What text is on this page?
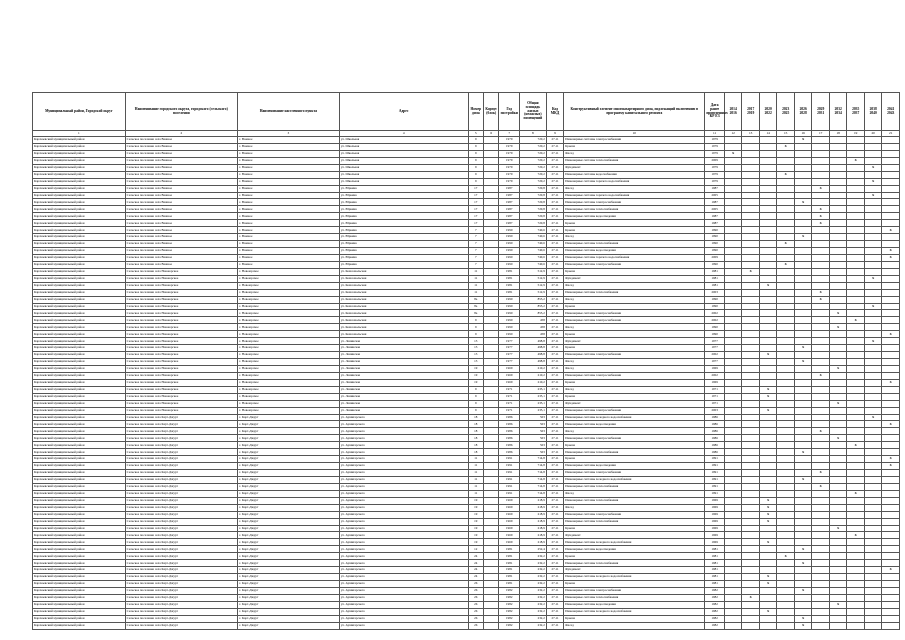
Муниципальный район, Городской округ	Наименование городского округа, городского (сельского) поселения	Наименование населенного пункта	Адрес	Номер дома	Корпус (блок)	Год постройки	Общая площадь жилых (нежилых) помещений	Код МКД	Конструктивный элемент многоквартирного дома, подлежащий включению в программу капитального ремонта	Дата ранее проведенных КР ЕЗ	2014 2016	2017 2019	2020 2022	2023 2025	2026 2028	2029 2031	2032 2034	2035 2037	2038 2040	2041 2043
1	2	3	4	5	6	7	8	9	10	11	12	13	14	15	16	17	18	19	20	21
Карачаевский муниципальный район	Сельское поселение села Важное	с. Важное	ул. Школьная	9		1979	720,2	27.11	Инженерные системы электроснабжения	1979					X					
Карачаевский муниципальный район	Сельское поселение села Важное	с. Важное	ул. Школьная	9		1979	720,2	27.11	Крыша	1979				X						
Карачаевский муниципальный район	Сельское поселение села Важное	с. Важное	ул. Школьная	9		1979	720,2	27.11	Фасад	1979	X									
Карачаевский муниципальный район	Сельское поселение села Важное	с. Важное	ул. Школьная	9		1979	720,2	27.11	Инженерные системы теплоснабжения	2009								X		
Карачаевский муниципальный район	Сельское поселение села Важное	с. Важное	ул. Школьная	9		1979	720,2	27.11	Фундамент	1979									X	
Карачаевский муниципальный район	Сельское поселение села Важное	с. Важное	ул. Школьная	9		1979	720,2	27.11	Инженерные системы водоснабжения	1979				X						
Карачаевский муниципальный район	Сельское поселение села Важное	с. Важное	ул. Школьная	9		1979	720,2	27.11	Инженерные системы горячего водоснабжения	1979									X	
Карачаевский муниципальный район	Сельское поселение села Важное	с. Важное	ул. Юркина	17		1987	720,8	27.11	Фасад	1987						X				
Карачаевский муниципальный район	Сельское поселение села Важное	с. Важное	ул. Юркина	17		1987	720,8	27.11	Инженерные системы горячего водоснабжения	2005									X	
Карачаевский муниципальный район	Сельское поселение села Важное	с. Важное	ул. Юркина	17		1987	720,8	27.11	Инженерные системы электроснабжения	1987					X					
Карачаевский муниципальный район	Сельское поселение села Важное	с. Важное	ул. Юркина	17		1987	720,8	27.11	Инженерные системы теплоснабжения	2005						X				
Карачаевский муниципальный район	Сельское поселение села Важное	с. Важное	ул. Юркина	17		1987	720,8	27.11	Инженерные системы водоотведения	1987						X				
Карачаевский муниципальный район	Сельское поселение села Важное	с. Важное	ул. Юркина	17		1987	720,8	27.11	Крыша	1987						X				
Карачаевский муниципальный район	Сельское поселение села Важное	с. Важное	ул. Юркина	7		1990	740,6	27.11	Крыша	1990										X
Карачаевский муниципальный район	Сельское поселение села Важное	с. Важное	ул. Юркина	7		1990	740,6	27.11	Фасад	1990					X					
Карачаевский муниципальный район	Сельское поселение села Важное	с. Важное	ул. Юркина	7		1990	740,6	27.11	Инженерные системы теплоснабжения	1990				X						
Карачаевский муниципальный район	Сельское поселение села Важное	с. Важное	ул. Юркина	7		1990	740,6	27.11	Инженерные системы водоотведения	1990										X
Карачаевский муниципальный район	Сельское поселение села Важное	с. Важное	ул. Юркина	7		1990	740,6	27.11	Инженерные системы горячего водоснабжения	2009										X
Карачаевский муниципальный район	Сельское поселение села Важное	с. Важное	ул. Юркина	7		1990	740,6	27.11	Инженерные системы электроснабжения	1990				X						
Карачаевский муниципальный район	Сельское поселение села Новоюрское	с. Новоюрское	ул. Комсомольская	11		1981	512,9	27.11	Крыша	1981		X								
Карачаевский муниципальный район	Сельское поселение села Новоюрское	с. Новоюрское	ул. Комсомольская	11		1981	512,9	27.11	Фундамент	1981									X	
Карачаевский муниципальный район	Сельское поселение села Новоюрское	с. Новоюрское	ул. Комсомольская	11		1981	512,9	27.11	Фасад	1981			X							
Карачаевский муниципальный район	Сельское поселение села Новоюрское	с. Новоюрское	ул. Комсомольская	11		1981	512,9	27.11	Инженерные системы теплоснабжения	2003						X				
Карачаевский муниципальный район	Сельское поселение села Новоюрское	с. Новоюрское	ул. Комсомольская	8а		1990	855,2	27.11	Фасад	1990						X				
Карачаевский муниципальный район	Сельское поселение села Новоюрское	с. Новоюрское	ул. Комсомольская	8а		1990	855,2	27.11	Крыша	1990									X	
Карачаевский муниципальный район	Сельское поселение села Новоюрское	с. Новоюрское	ул. Комсомольская	8а		1990	855,2	27.11	Инженерные системы электроснабжения	2002							X			
Карачаевский муниципальный район	Сельское поселение села Новоюрское	с. Новоюрское	ул. Комсомольская	9		1990	458	27.11	Инженерные системы электроснабжения	2002								X		
Карачаевский муниципальный район	Сельское поселение села Новоюрское	с. Новоюрское	ул. Комсомольская	9		1990	458	27.11	Фасад	1990							X			
Карачаевский муниципальный район	Сельское поселение села Новоюрское	с. Новоюрское	ул. Комсомольская	9		1990	458	27.11	Крыша	1990										X
Карачаевский муниципальный район	Сельское поселение села Новоюрское	с. Новоюрское	ул. Ленинская	13		1977	498,8	27.11	Фундамент	1977									X	
Карачаевский муниципальный район	Сельское поселение села Новоюрское	с. Новоюрское	ул. Ленинская	13		1977	498,8	27.11	Крыша	1977					X					
Карачаевский муниципальный район	Сельское поселение села Новоюрское	с. Новоюрское	ул. Ленинская	13		1977	498,8	27.11	Инженерные системы электроснабжения	2002			X							
Карачаевский муниципальный район	Сельское поселение села Новоюрское	с. Новоюрское	ул. Ленинская	13		1977	498,8	27.11	Фасад	1977					X					
Карачаевский муниципальный район	Сельское поселение села Новоюрское	с. Новоюрское	ул. Ленинская	19		1969	210,2	27.11	Фасад	1969							X			
Карачаевский муниципальный район	Сельское поселение села Новоюрское	с. Новоюрское	ул. Ленинская	19		1969	210,2	27.11	Инженерные системы электроснабжения	2002						X				
Карачаевский муниципальный район	Сельское поселение села Новоюрское	с. Новоюрское	ул. Ленинская	19		1969	210,2	27.11	Крыша	1969										X
Карачаевский муниципальный район	Сельское поселение села Новоюрское	с. Новоюрское	ул. Ленинская	9		1971	235,1	27.11	Фасад	1971			X							
Карачаевский муниципальный район	Сельское поселение села Новоюрское	с. Новоюрское	ул. Ленинская	9		1971	235,1	27.11	Крыша	1971			X							
Карачаевский муниципальный район	Сельское поселение села Новоюрское	с. Новоюрское	ул. Ленинская	9		1971	235,1	27.11	Фундамент	1971							X			
Карачаевский муниципальный район	Сельское поселение села Новоюрское	с. Новоюрское	ул. Ленинская	9		1971	235,1	27.11	Инженерные системы электроснабжения	2003			X							
Карачаевский муниципальный район	Сельское поселение села Карт-Джурт	с. Карт-Джурт	ул. Аушигерского	18		1986	503	27.11	Инженерные системы холодного водоснабжения	1986									X	
Карачаевский муниципальный район	Сельское поселение села Карт-Джурт	с. Карт-Джурт	ул. Аушигерского	18		1986	503	27.11	Инженерные системы водоотведения	1986										X
Карачаевский муниципальный район	Сельское поселение села Карт-Джурт	с. Карт-Джурт	ул. Аушигерского	18		1986	503	27.11	Фасад	1986						X				
Карачаевский муниципальный район	Сельское поселение села Карт-Джурт	с. Карт-Джурт	ул. Аушигерского	18		1986	503	27.11	Инженерные системы электроснабжения	1986							X			
Карачаевский муниципальный район	Сельское поселение села Карт-Джурт	с. Карт-Джурт	ул. Аушигерского	18		1986	503	27.11	Крыша	1986								X		
Карачаевский муниципальный район	Сельское поселение села Карт-Джурт	с. Карт-Джурт	ул. Аушигерского	18		1986	503	27.11	Инженерные системы теплоснабжения	1986					X					
Карачаевский муниципальный район	Сельское поселение села Карт-Джурт	с. Карт-Джурт	ул. Аушигерского	11		1991	714,8	27.11	Крыша	1991										X
Карачаевский муниципальный район	Сельское поселение села Карт-Джурт	с. Карт-Джурт	ул. Аушигерского	11		1991	714,8	27.11	Инженерные системы водоотведения	1991										X
Карачаевский муниципальный район	Сельское поселение села Карт-Джурт	с. Карт-Джурт	ул. Аушигерского	11		1991	714,8	27.11	Инженерные системы электроснабжения	1991						X				
Карачаевский муниципальный район	Сельское поселение села Карт-Джурт	с. Карт-Джурт	ул. Аушигерского	11		1991	714,8	27.11	Инженерные системы холодного водоснабжения	1991					X					
Карачаевский муниципальный район	Сельское поселение села Карт-Джурт	с. Карт-Джурт	ул. Аушигерского	11		1991	714,8	27.11	Инженерные системы теплоснабжения	1991						X				
Карачаевский муниципальный район	Сельское поселение села Карт-Джурт	с. Карт-Джурт	ул. Аушигерского	11		1991	714,8	27.11	Фасад	1991								X		
Карачаевский муниципальный район	Сельское поселение села Карт-Джурт	с. Карт-Джурт	ул. Аушигерского	19		1969	218,9	27.11	Инженерные системы теплоснабжения	1969			X							
Карачаевский муниципальный район	Сельское поселение села Карт-Джурт	с. Карт-Джурт	ул. Аушигерского	19		1969	218,9	27.11	Фасад	1969			X							
Карачаевский муниципальный район	Сельское поселение села Карт-Джурт	с. Карт-Джурт	ул. Аушигерского	19		1969	218,9	27.11	Инженерные системы электроснабжения	1969			X							
Карачаевский муниципальный район	Сельское поселение села Карт-Джурт	с. Карт-Джурт	ул. Аушигерского	19		1969	218,9	27.11	Инженерные системы теплоснабжения	1969			X							
Карачаевский муниципальный район	Сельское поселение села Карт-Джурт	с. Карт-Джурт	ул. Аушигерского	19		1969	218,9	27.11	Крыша	1969							X			
Карачаевский муниципальный район	Сельское поселение села Карт-Джурт	с. Карт-Джурт	ул. Аушигерского	19		1969	218,9	27.11	Фундамент	1969								X		
Карачаевский муниципальный район	Сельское поселение села Карт-Джурт	с. Карт-Джурт	ул. Аушигерского	19		1969	218,9	27.11	Инженерные системы холодного водоснабжения	1969			X							
Карачаевский муниципальный район	Сельское поселение села Карт-Джурт	с. Карт-Джурт	ул. Аушигерского	12		1981	252,4	27.11	Инженерные системы водоотведения	1981					X					
Карачаевский муниципальный район	Сельское поселение села Карт-Джурт	с. Карт-Джурт	ул. Аушигерского	24		1981	232,2	27.11	Крыша	1981				X						
Карачаевский муниципальный район	Сельское поселение села Карт-Джурт	с. Карт-Джурт	ул. Аушигерского	24		1981	232,2	27.11	Инженерные системы теплоснабжения	1981					X					
Карачаевский муниципальный район	Сельское поселение села Карт-Джурт	с. Карт-Джурт	ул. Аушигерского	24		1981	232,2	27.11	Фундамент	1981										X
Карачаевский муниципальный район	Сельское поселение села Карт-Джурт	с. Карт-Джурт	ул. Аушигерского	24		1981	232,2	27.11	Инженерные системы холодного водоснабжения	1981			X							
Карачаевский муниципальный район	Сельское поселение села Карт-Джурт	с. Карт-Джурт	ул. Аушигерского	26		1981	232,2	27.11	Крыша	1981			X							
Карачаевский муниципальный район	Сельское поселение села Карт-Джурт	с. Карт-Джурт	ул. Аушигерского	26		1982	232,2	27.11	Инженерные системы электроснабжения	1982					X					
Карачаевский муниципальный район	Сельское поселение села Карт-Джурт	с. Карт-Джурт	ул. Аушигерского	26		1982	232,2	27.11	Инженерные системы теплоснабжения	1982		X								
Карачаевский муниципальный район	Сельское поселение села Карт-Джурт	с. Карт-Джурт	ул. Аушигерского	26		1982	232,2	27.11	Инженерные системы водоотведения	1982							X			
Карачаевский муниципальный район	Сельское поселение села Карт-Джурт	с. Карт-Джурт	ул. Аушигерского	26		1982	232,2	27.11	Инженерные системы холодного водоснабжения	1982			X							
Карачаевский муниципальный район	Сельское поселение села Карт-Джурт	с. Карт-Джурт	ул. Аушигерского	26		1982	232,2	27.11	Крыша	1982					X					
Карачаевский муниципальный район	Сельское поселение села Карт-Джурт	с. Карт-Джурт	ул. Аушигерского	26		1982	232,2	27.11	Фасад	1982					X					
